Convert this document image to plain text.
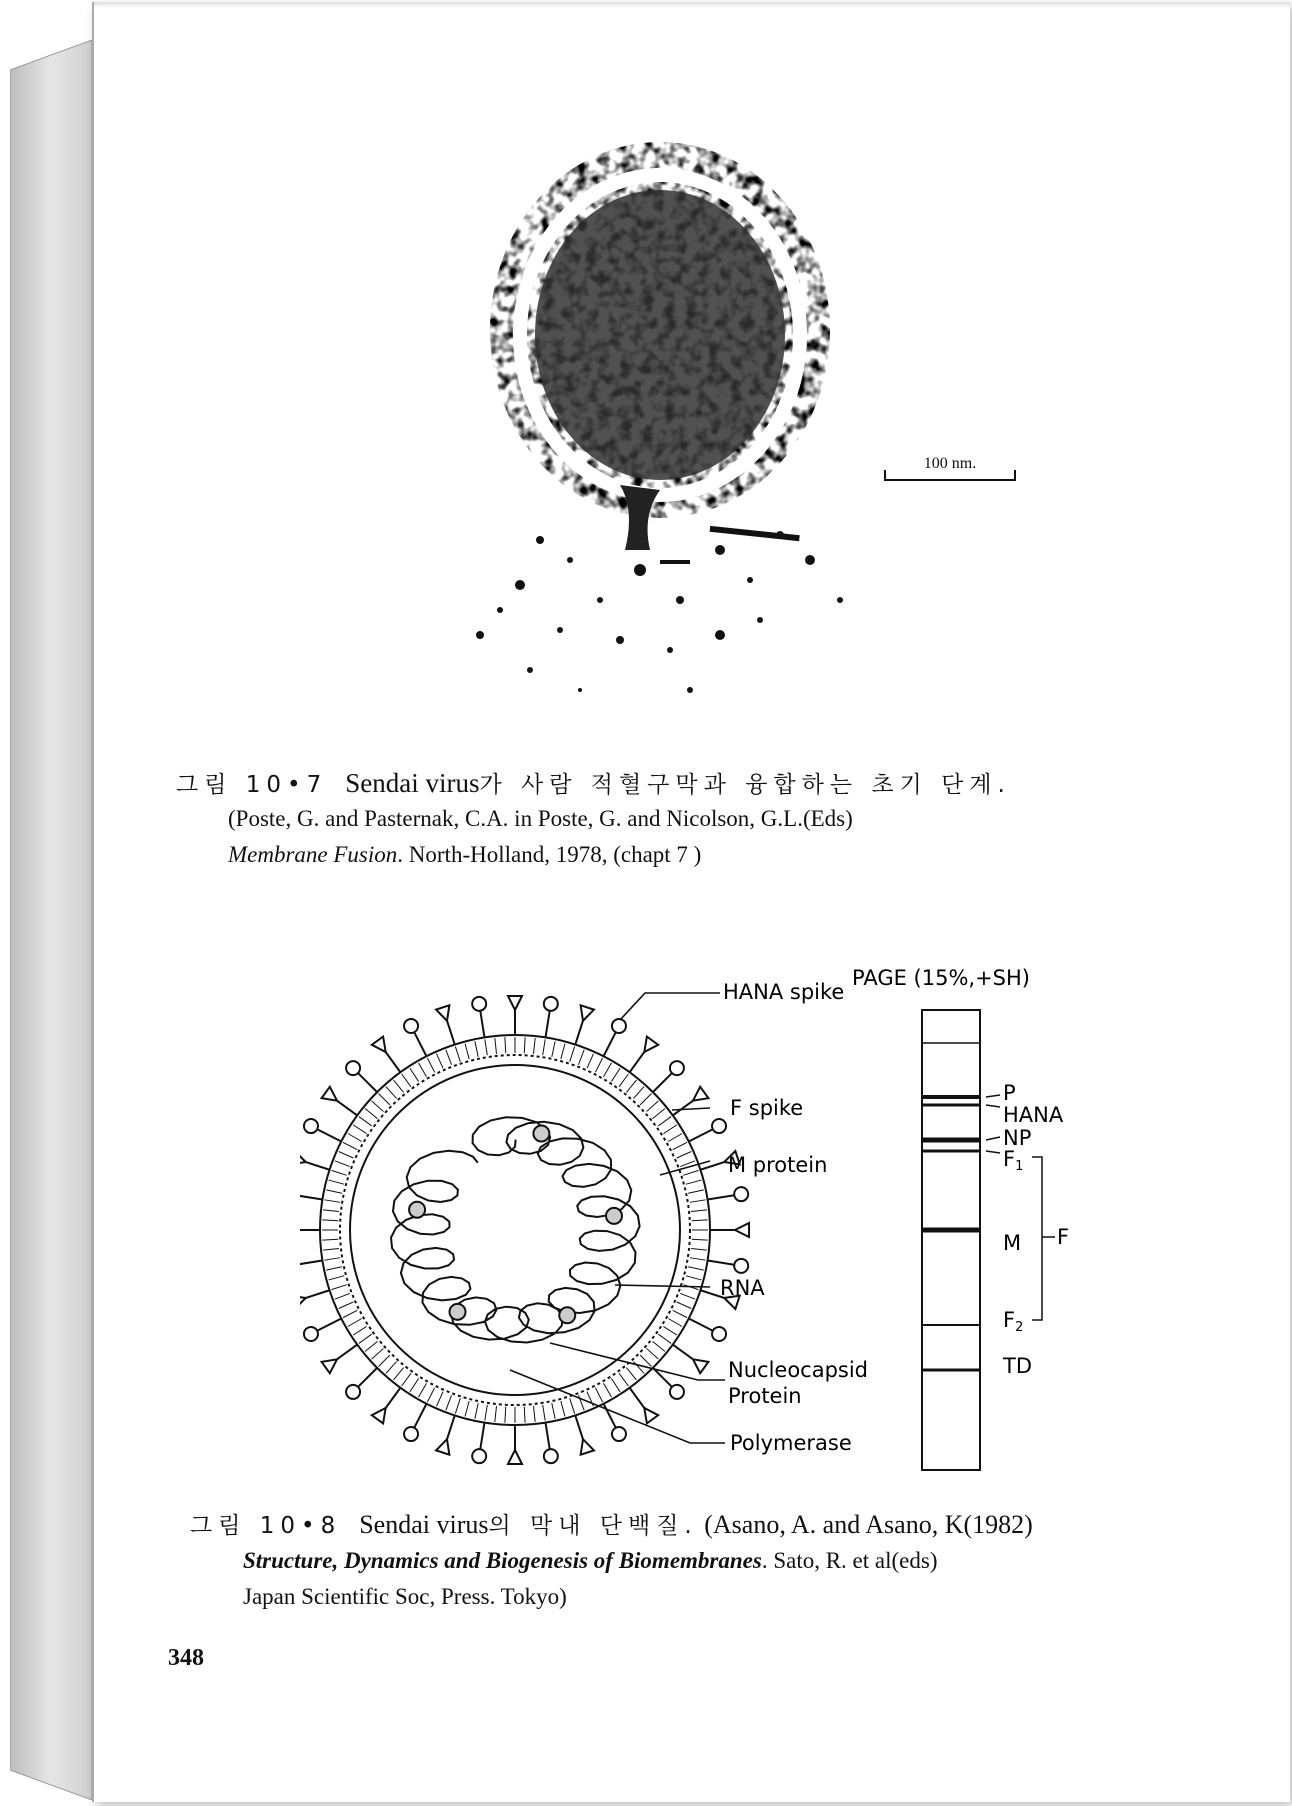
100 nm.
그림 10•7 Sendai virus가 사람 적혈구막과 융합하는 초기 단계.
(Poste, G. and Pasternak, C.A. in Poste, G. and Nicolson, G.L.(Eds)
Membrane Fusion. North-Holland, 1978, (chapt 7 )
HANA spike
F spike
M protein
RNA
Nucleocapsid
Protein
Polymerase
PAGE (15%,+SH)
P
HANA
NP
F1
F
M
F2
TD
그림 10•8 Sendai virus의 막내 단백질. (Asano, A. and Asano, K(1982)
Structure, Dynamics and Biogenesis of Biomembranes. Sato, R. et al(eds)
Japan Scientific Soc, Press. Tokyo)
348
